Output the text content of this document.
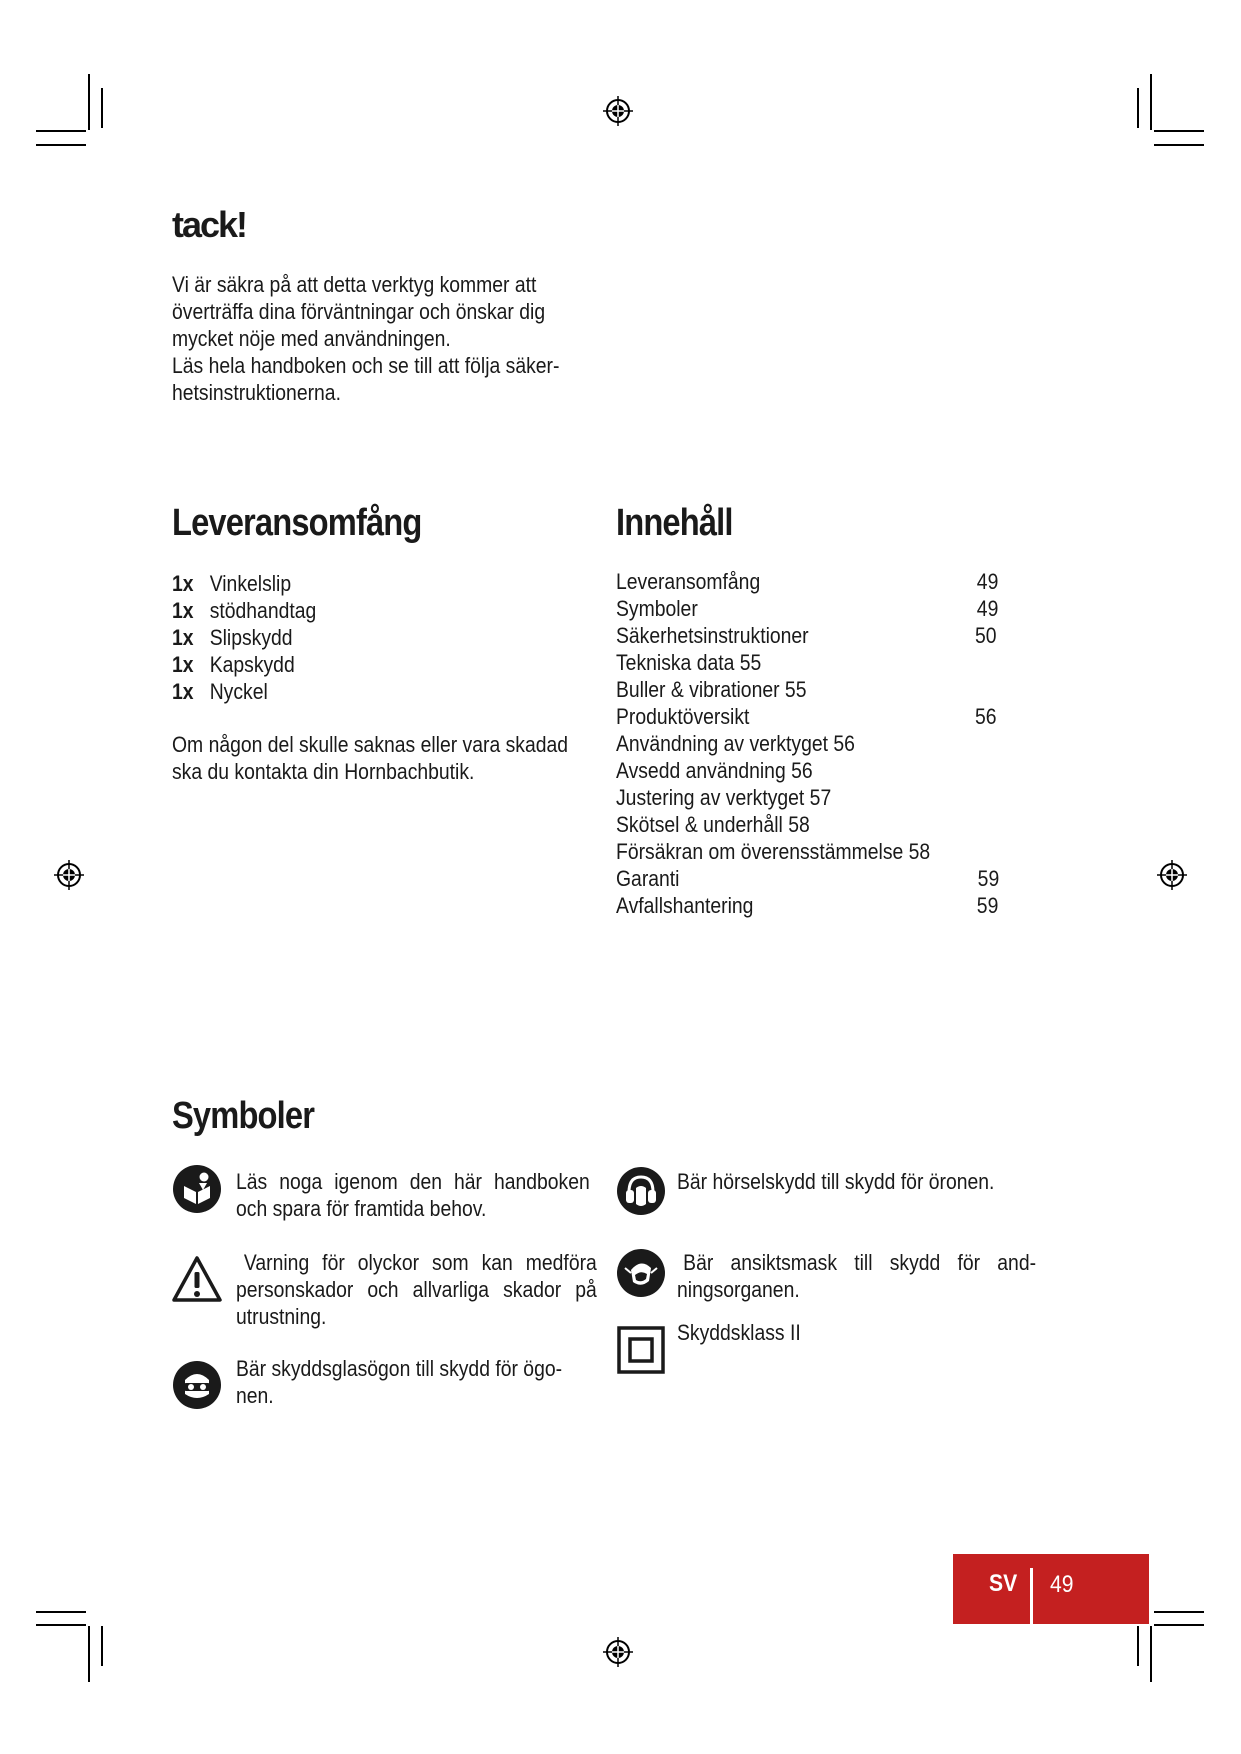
tack!
Vi är säkra på att detta verktyg kommer att
överträffa dina förväntningar och önskar dig
mycket nöje med användningen.
Läs hela handboken och se till att följa säker-
hetsinstruktionerna.
Leveransomfång
1x Vinkelslip
1x stödhandtag
1x Slipskydd
1x Kapskydd
1x Nyckel
Om någon del skulle saknas eller vara skadad
ska du kontakta din Hornbachbutik.
Innehåll
Leveransomfång	49
Symboler	49
Säkerhetsinstruktioner	50
Tekniska data 55
Buller & vibrationer 55
Produktöversikt	56
Användning av verktyget 56
Avsedd användning 56
Justering av verktyget 57
Skötsel & underhåll 58
Försäkran om överensstämmelse 58
Garanti	59
Avfallshantering	59
Symboler
Läs noga igenom den här handboken
och spara för framtida behov.
Varning för olyckor som kan medföra
personskador och allvarliga skador på
utrustning.
Bär skyddsglasögon till skydd för ögo-
nen.
Bär hörselskydd till skydd för öronen.
Bär ansiktsmask till skydd för and-
ningsorganen.
Skyddsklass II
SV 49
